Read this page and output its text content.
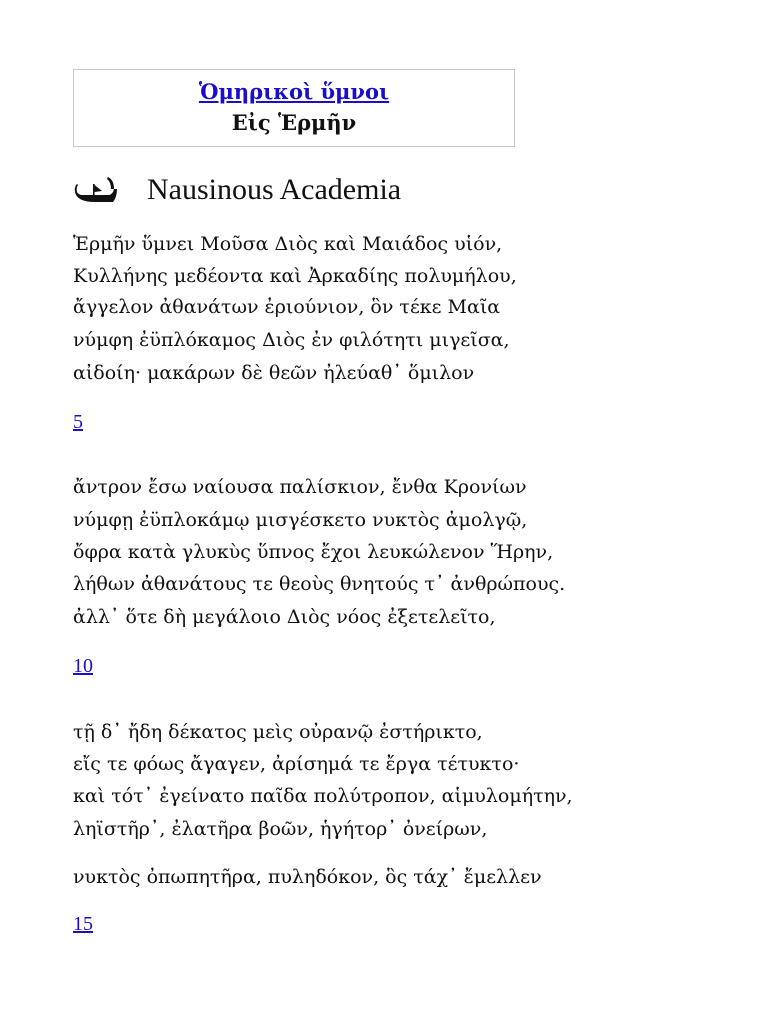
Ὁμηρικοὶ ὕμνοι
Εἰς Ἑρμῆν
Nausinous Academia
Ἑρμῆν ὕμνει Μοῦσα Διὸς καὶ Μαιάδος υἱόν,
Κυλλήνης μεδέοντα καὶ Ἀρκαδίης πολυμήλου,
ἄγγελον ἀθανάτων ἐριούνιον, ὃν τέκε Μαῖα
νύμφη ἐϋπλόκαμος Διὸς ἐν φιλότητι μιγεῖσα,
αἰδοίη· μακάρων δὲ θεῶν ἠλεύαθ᾽ ὅμιλον
5
ἄντρον ἔσω ναίουσα παλίσκιον, ἔνθα Κρονίων
νύμφῃ ἐϋπλοκάμῳ μισγέσκετο νυκτὸς ἀμολγῷ,
ὄφρα κατὰ γλυκὺς ὕπνος ἔχοι λευκώλενον Ἥρην,
λήθων ἀθανάτους τε θεοὺς θνητούς τ᾽ ἀνθρώπους.
ἀλλ᾽ ὅτε δὴ μεγάλοιο Διὸς νόος ἐξετελεῖτο,
10
τῇ δ᾽ ἤδη δέκατος μεὶς οὐρανῷ ἐστήρικτο,
εἴς τε φόως ἄγαγεν, ἀρίσημά τε ἔργα τέτυκτο·
καὶ τότ᾽ ἐγείνατο παῖδα πολύτροπον, αἱμυλομήτην,
ληϊστῆρ᾽, ἐλατῆρα βοῶν, ἡγήτορ᾽ ὀνείρων,
νυκτὸς ὀπωπητῆρα, πυληδόκον, ὃς τάχ᾽ ἔμελλεν
15
